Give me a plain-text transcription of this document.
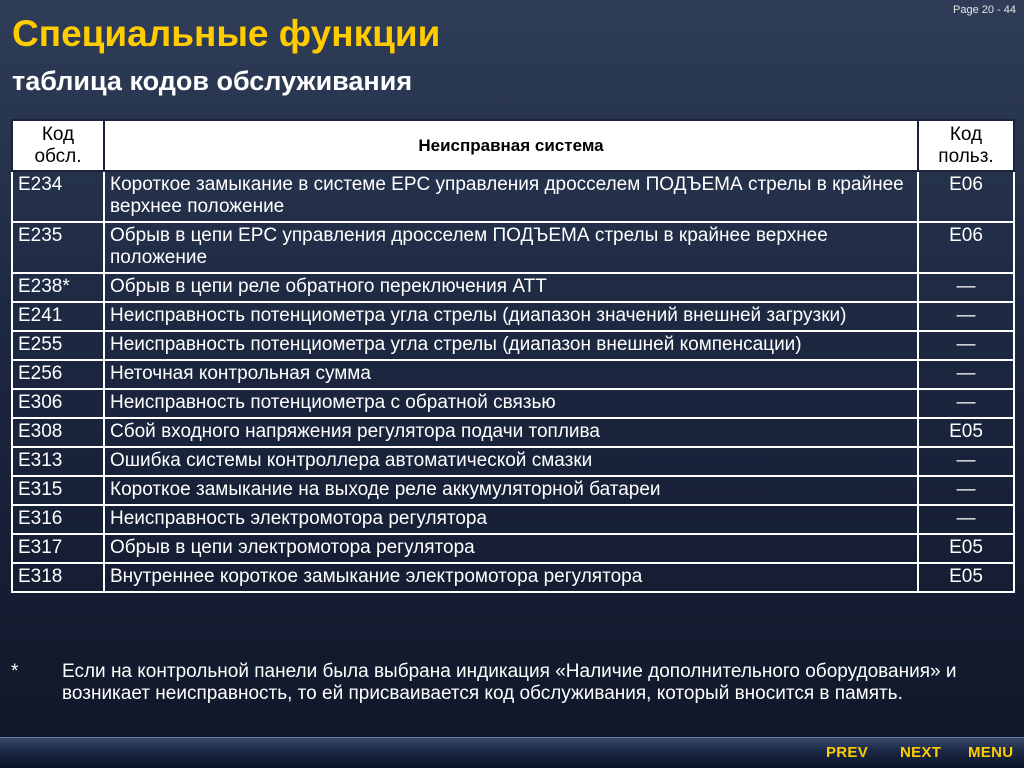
Page 20 - 44
Специальные функции
таблица кодов обслуживания
Код обсл.	Неисправная система	Код польз.
E234	Короткое замыкание в системе EPC управления дросселем ПОДЪЕМА стрелы в крайнее верхнее положение	E06
E235	Обрыв в цепи EPC управления дросселем ПОДЪЕМА стрелы в крайнее верхнее положение	E06
E238*	Обрыв в цепи реле обратного переключения ATT	—
E241	Неисправность потенциометра угла стрелы (диапазон значений внешней загрузки)	—
E255	Неисправность потенциометра угла стрелы (диапазон внешней компенсации)	—
E256	Неточная контрольная сумма	—
E306	Неисправность потенциометра с обратной связью	—
E308	Сбой входного напряжения регулятора подачи топлива	E05
E313	Ошибка системы контроллера автоматической смазки	—
E315	Короткое замыкание на выходе реле аккумуляторной батареи	—
E316	Неисправность электромотора регулятора	—
E317	Обрыв в цепи электромотора регулятора	E05
E318	Внутреннее короткое замыкание электромотора регулятора	E05
* Если на контрольной панели была выбрана индикация «Наличие дополнительного оборудования» и возникает неисправность, то ей присваивается код обслуживания, который вносится в память.
PREV NEXT MENU
